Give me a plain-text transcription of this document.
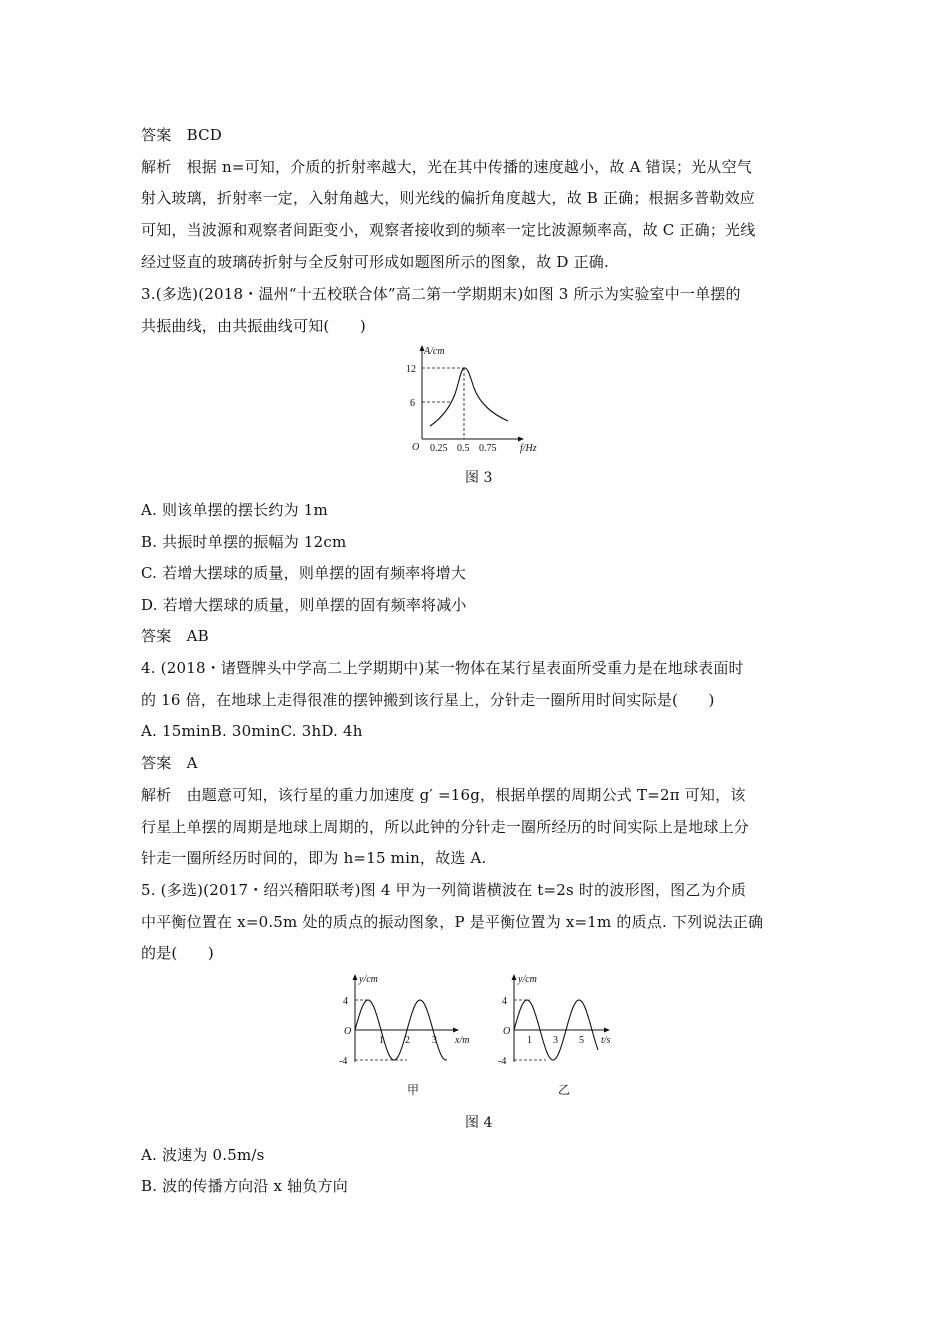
答案　BCD
解析　根据 n=可知，介质的折射率越大，光在其中传播的速度越小，故 A 错误；光从空气
射入玻璃，折射率一定，入射角越大，则光线的偏折角度越大，故 B 正确；根据多普勒效应
可知，当波源和观察者间距变小，观察者接收到的频率一定比波源频率高，故 C 正确；光线
经过竖直的玻璃砖折射与全反射可形成如题图所示的图象，故 D 正确.
3.(多选)(2018・温州“十五校联合体”高二第一学期期末)如图 3 所示为实验室中一单摆的
共振曲线，由共振曲线可知(　　)
A/cm
12
6
O 0.25 0.5 0.75 f/Hz
图 3
A. 则该单摆的摆长约为 1m
B. 共振时单摆的振幅为 12cm
C. 若增大摆球的质量，则单摆的固有频率将增大
D. 若增大摆球的质量，则单摆的固有频率将减小
答案　AB
4. (2018・诸暨牌头中学高二上学期期中)某一物体在某行星表面所受重力是在地球表面时
的 16 倍，在地球上走得很准的摆钟搬到该行星上，分针走一圈所用时间实际是(　　)
A. 15minB. 30minC. 3hD. 4h
答案　A
解析　由题意可知，该行星的重力加速度 g′ =16g，根据单摆的周期公式 T=2π 可知，该
行星上单摆的周期是地球上周期的，所以此钟的分针走一圈所经历的时间实际上是地球上分
针走一圈所经历时间的，即为 h=15 min，故选 A.
5. (多选)(2017・绍兴稽阳联考)图 4 甲为一列简谐横波在 t=2s 时的波形图，图乙为介质
中平衡位置在 x=0.5m 处的质点的振动图象，P 是平衡位置为 x=1m 的质点. 下列说法正确
的是(　　)
y/cm
4
-4
O
1 2 3 x/m
甲
y/cm
4
-4
O
1 3 5 t/s
乙
图 4
A. 波速为 0.5m/s
B. 波的传播方向沿 x 轴负方向
